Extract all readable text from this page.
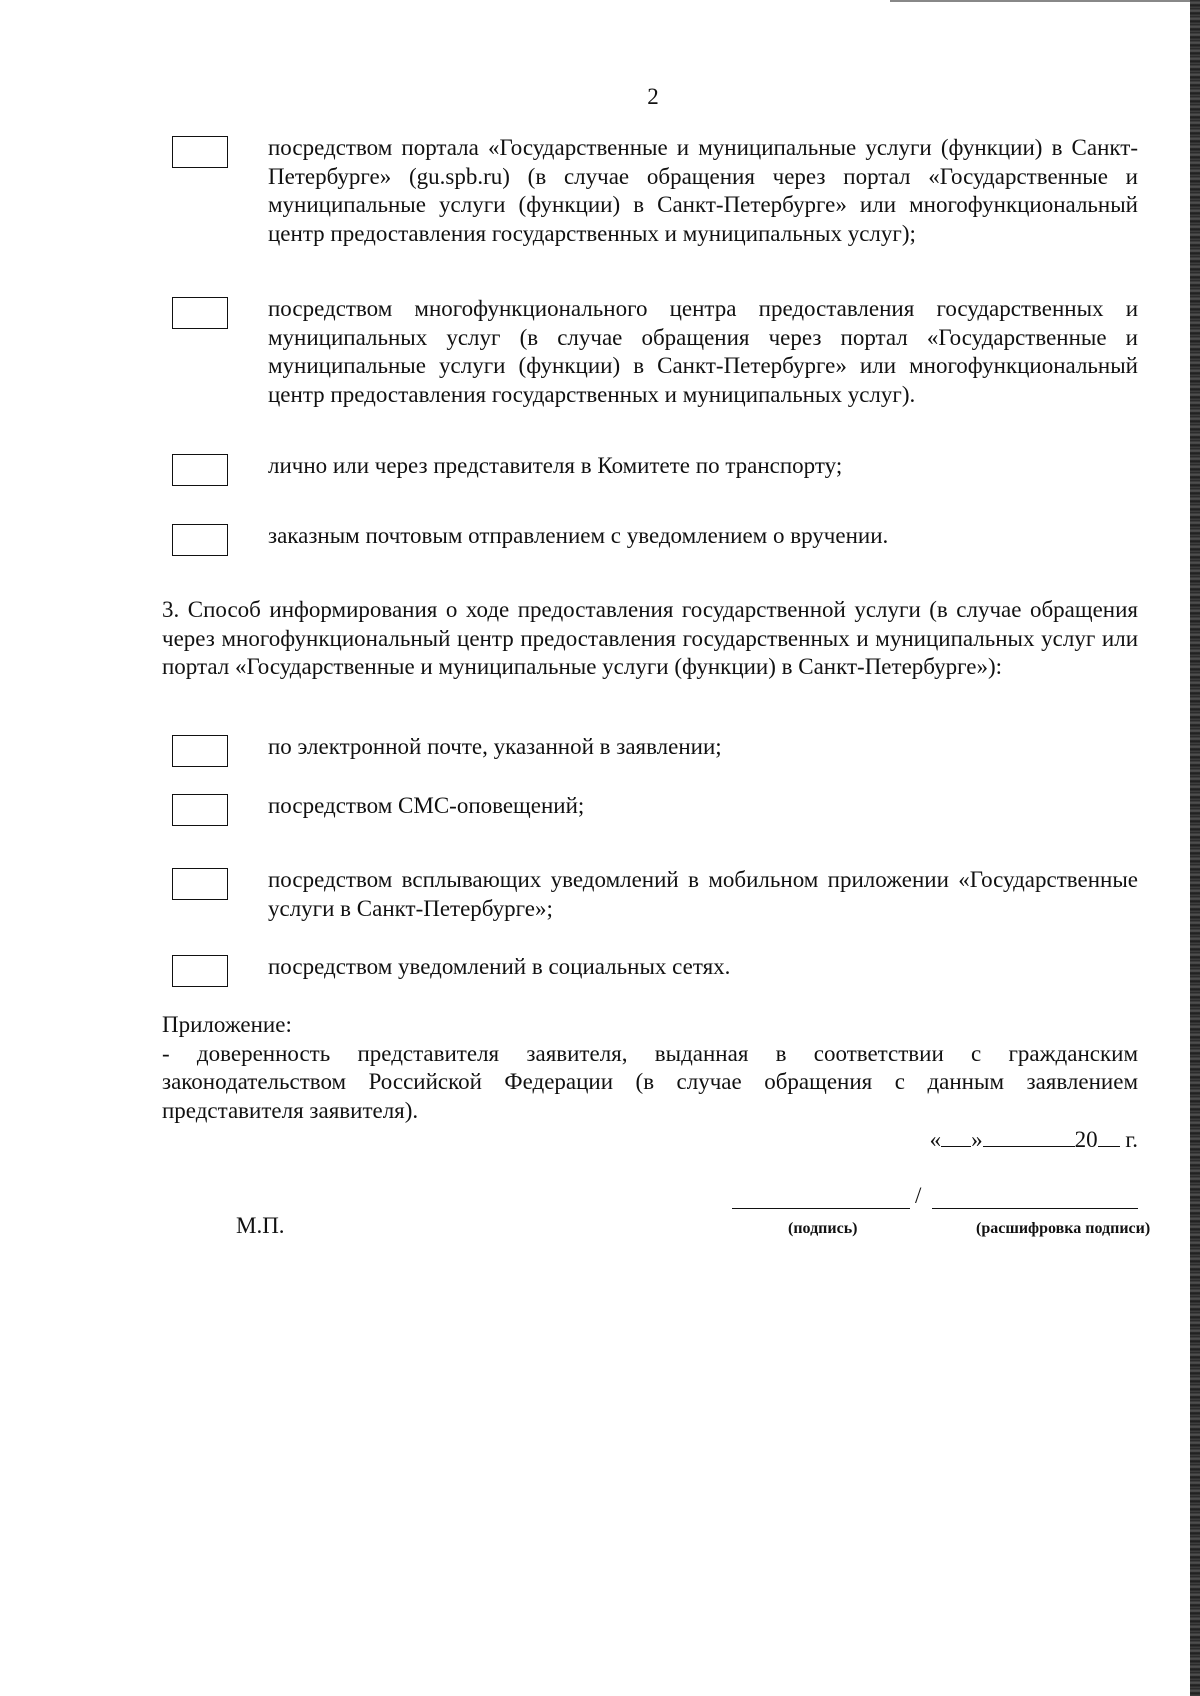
2
посредством портала «Государственные и муниципальные услуги (функции) в Санкт-Петербурге» (gu.spb.ru) (в случае обращения через портал «Государственные и муниципальные услуги (функции) в Санкт-Петербурге» или многофункциональный центр предоставления государственных и муниципальных услуг);
посредством многофункционального центра предоставления государственных и муниципальных услуг (в случае обращения через портал «Государственные и муниципальные услуги (функции) в Санкт-Петербурге» или многофункциональный центр предоставления государственных и муниципальных услуг).
лично или через представителя в Комитете по транспорту;
заказным почтовым отправлением с уведомлением о вручении.
3. Способ информирования о ходе предоставления государственной услуги (в случае обращения через многофункциональный центр предоставления государственных и муниципальных услуг или портал «Государственные и муниципальные услуги (функции) в Санкт-Петербурге»):
по электронной почте, указанной в заявлении;
посредством СМС-оповещений;
посредством всплывающих уведомлений в мобильном приложении «Государственные услуги в Санкт-Петербурге»;
посредством уведомлений в социальных сетях.
Приложение:
- доверенность представителя заявителя, выданная в соответствии с гражданским законодательством Российской Федерации (в случае обращения с данным заявлением представителя заявителя).
« »	20 г.
/
М.П.	(подпись)	(расшифровка подписи)
